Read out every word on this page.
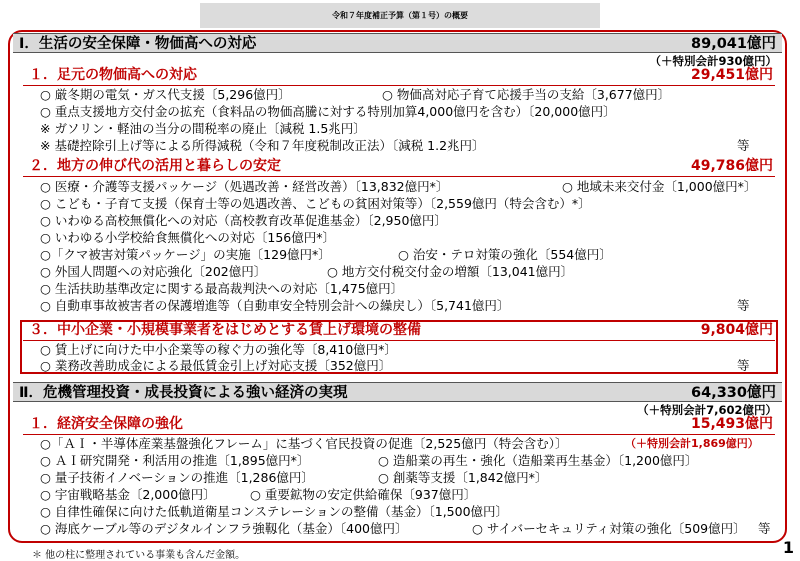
令和７年度補正予算（第１号）の概要
Ⅰ．生活の安全保障・物価高への対応	89,041億円
（＋特別会計930億円）
１．足元の物価高への対応	29,451億円
○ 厳冬期の電気・ガス代支援〔5,296億円〕	○ 物価高対応子育て応援手当の支給〔3,677億円〕
○ 重点支援地方交付金の拡充（食料品の物価高騰に対する特別加算4,000億円を含む）〔20,000億円〕
※ ガソリン・軽油の当分の間税率の廃止〔減税 1.5兆円〕
※ 基礎控除引上げ等による所得減税（令和７年度税制改正法）〔減税 1.2兆円〕	等
２．地方の伸び代の活用と暮らしの安定	49,786億円
○ 医療・介護等支援パッケージ（処遇改善・経営改善）〔13,832億円*〕	○ 地域未来交付金〔1,000億円*〕
○ こども・子育て支援（保育士等の処遇改善、こどもの貧困対策等）〔2,559億円（特会含む）*〕
○ いわゆる高校無償化への対応（高校教育改革促進基金）〔2,950億円〕
○ いわゆる小学校給食無償化への対応〔156億円*〕
○「クマ被害対策パッケージ」の実施〔129億円*〕	○ 治安・テロ対策の強化〔554億円〕
○ 外国人問題への対応強化〔202億円〕	○ 地方交付税交付金の増額〔13,041億円〕
○ 生活扶助基準改定に関する最高裁判決への対応〔1,475億円〕
○ 自動車事故被害者の保護増進等（自動車安全特別会計への繰戻し）〔5,741億円〕	等
３．中小企業・小規模事業者をはじめとする賃上げ環境の整備	9,804億円
○ 賃上げに向けた中小企業等の稼ぐ力の強化等〔8,410億円*〕
○ 業務改善助成金による最低賃金引上げ対応支援〔352億円〕	等
Ⅱ．危機管理投資・成長投資による強い経済の実現	64,330億円
（＋特別会計7,602億円）
１．経済安全保障の強化	15,493億円
○「ＡＩ・半導体産業基盤強化フレーム」に基づく官民投資の促進〔2,525億円（特会含む）〕	（＋特別会計1,869億円）
○ ＡＩ研究開発・利活用の推進〔1,895億円*〕	○ 造船業の再生・強化（造船業再生基金）〔1,200億円〕
○ 量子技術イノベーションの推進〔1,286億円〕	○ 創薬等支援〔1,842億円*〕
○ 宇宙戦略基金〔2,000億円〕	○ 重要鉱物の安定供給確保〔937億円〕
○ 自律性確保に向けた低軌道衛星コンステレーションの整備（基金）〔1,500億円〕
○ 海底ケーブル等のデジタルインフラ強靱化（基金）〔400億円〕	○ サイバーセキュリティ対策の強化〔509億円〕 等
＊ 他の柱に整理されている事業も含んだ金額。	1
